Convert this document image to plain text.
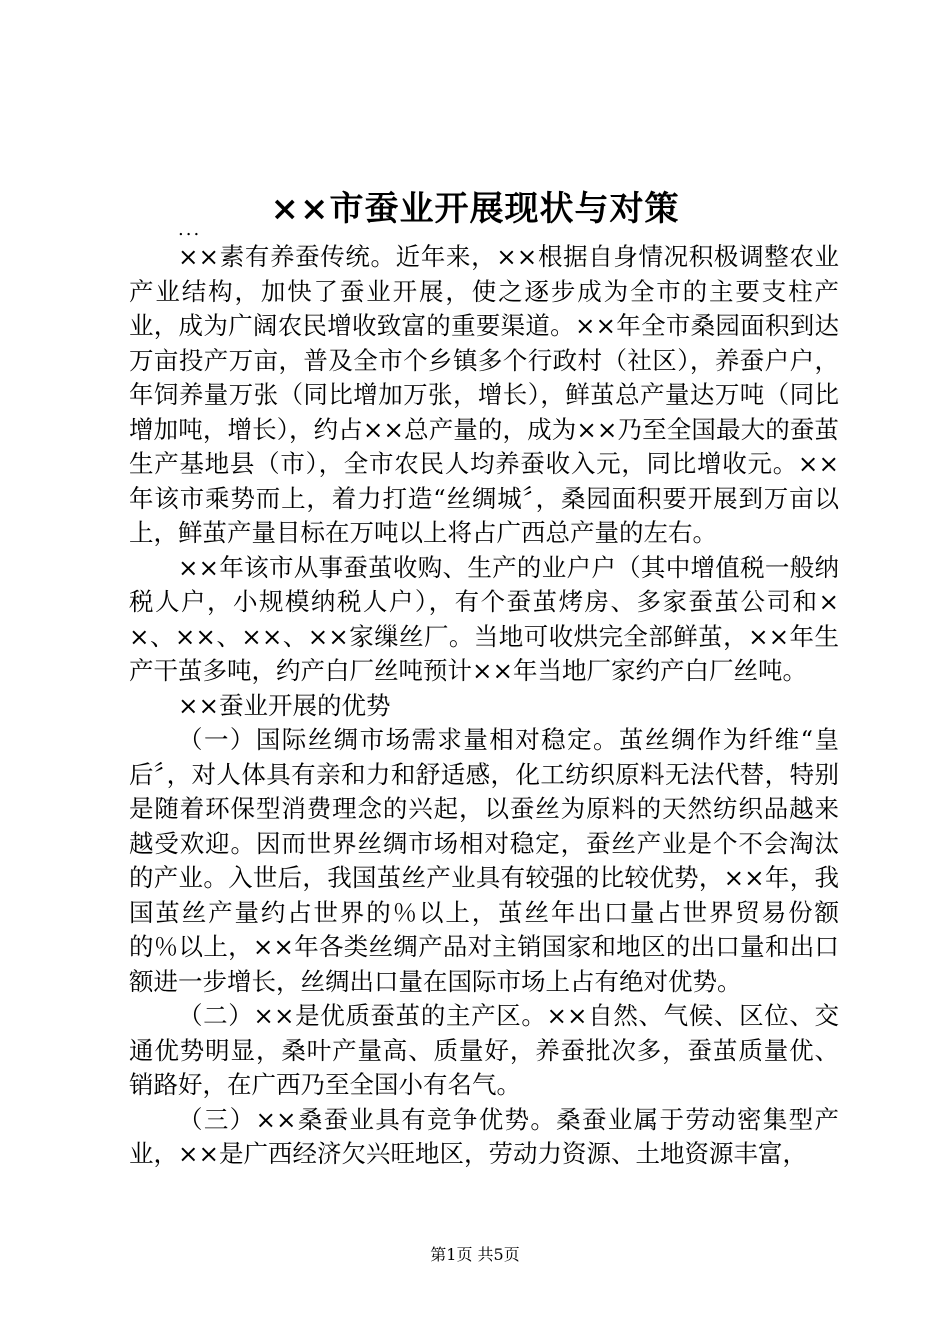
××市蚕业开展现状与对策
...

××素有养蚕传统。近年来，××根据自身情况积极调整农业产业结构，加快了蚕业开展，使之逐步成为全市的主要支柱产业，成为广阔农民增收致富的重要渠道。××年全市桑园面积到达万亩投产万亩，普及全市个乡镇多个行政村（社区），养蚕户户，年饲养量万张（同比增加万张，增长），鲜茧总产量达万吨（同比增加吨，增长），约占××总产量的，成为××乃至全国最大的蚕茧生产基地县（市），全市农民人均养蚕收入元，同比增收元。××年该市乘势而上，着力打造“丝绸城〞，桑园面积要开展到万亩以上，鲜茧产量目标在万吨以上将占广西总产量的左右。

××年该市从事蚕茧收购、生产的业户户（其中增值税一般纳税人户，小规模纳税人户），有个蚕茧烤房、多家蚕茧公司和××、××、××、××家缫丝厂。当地可收烘完全部鲜茧，××年生产干茧多吨，约产白厂丝吨预计××年当地厂家约产白厂丝吨。

××蚕业开展的优势

（一）国际丝绸市场需求量相对稳定。茧丝绸作为纤维“皇后〞，对人体具有亲和力和舒适感，化工纺织原料无法代替，特别是随着环保型消费理念的兴起，以蚕丝为原料的天然纺织品越来越受欢迎。因而世界丝绸市场相对稳定，蚕丝产业是个不会淘汰的产业。入世后，我国茧丝产业具有较强的比较优势，××年，我国茧丝产量约占世界的％以上，茧丝年出口量占世界贸易份额的％以上，××年各类丝绸产品对主销国家和地区的出口量和出口额进一步增长，丝绸出口量在国际市场上占有绝对优势。

（二）××是优质蚕茧的主产区。××自然、气候、区位、交通优势明显，桑叶产量高、质量好，养蚕批次多，蚕茧质量优、销路好，在广西乃至全国小有名气。

（三）××桑蚕业具有竞争优势。桑蚕业属于劳动密集型产业，××是广西经济欠兴旺地区，劳动力资源、土地资源丰富，

第1页 共5页
